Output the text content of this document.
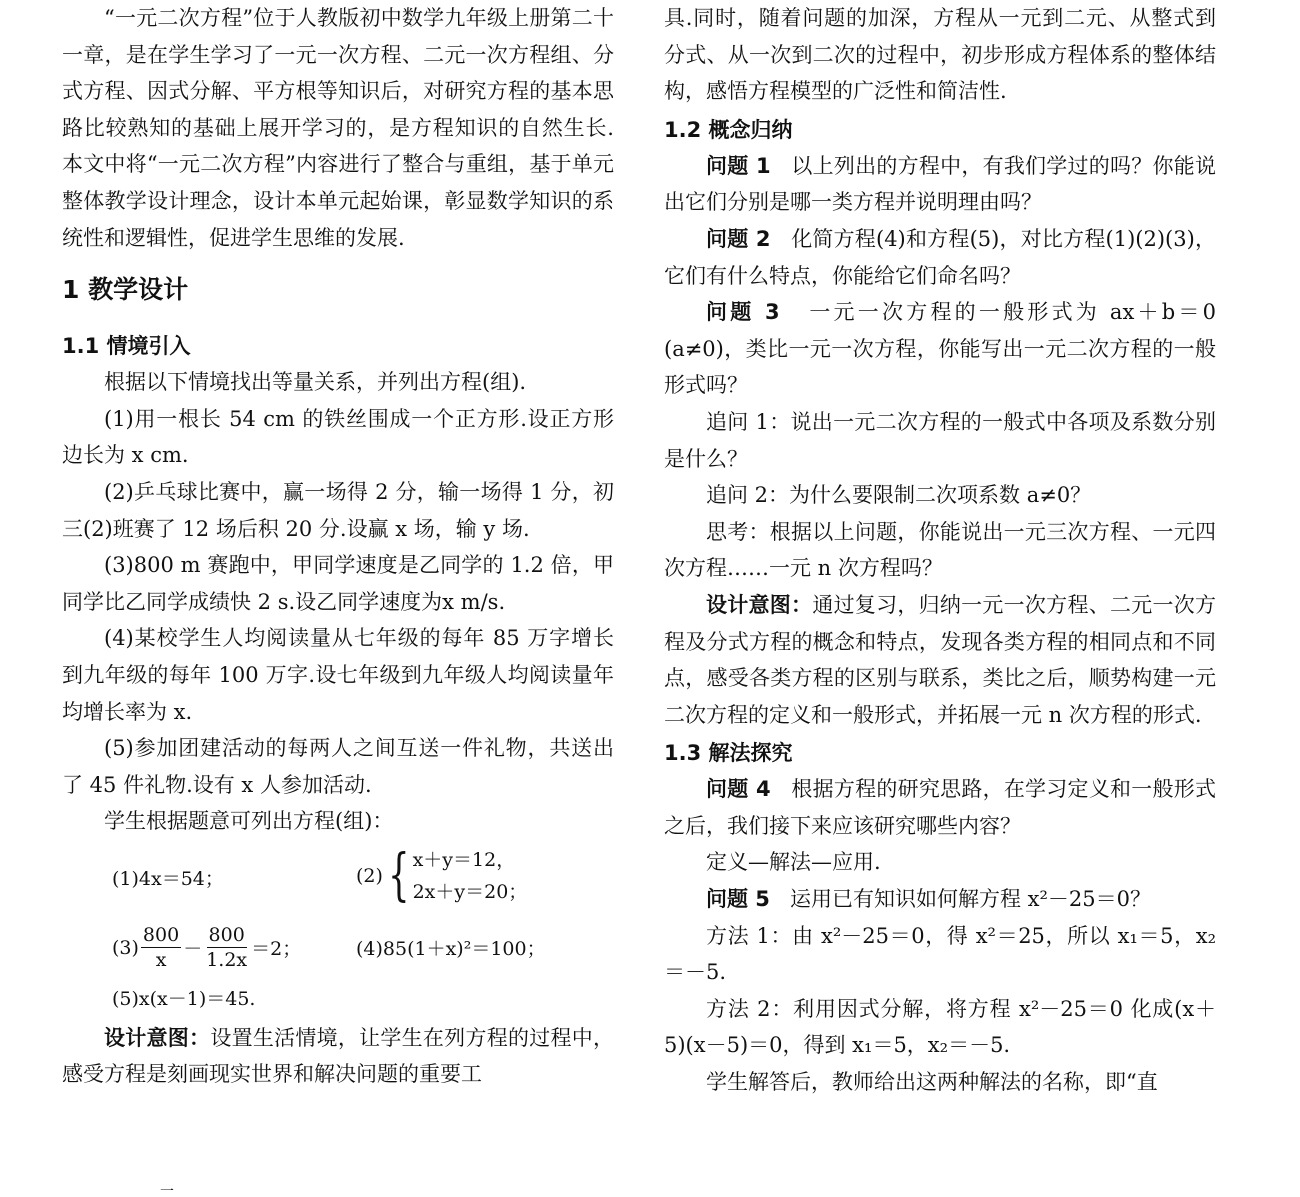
“一元二次方程”位于人教版初中数学九年级上册第二十一章，是在学生学习了一元一次方程、二元一次方程组、分式方程、因式分解、平方根等知识后，对研究方程的基本思路比较熟知的基础上展开学习的，是方程知识的自然生长.本文中将“一元二次方程”内容进行了整合与重组，基于单元整体教学设计理念，设计本单元起始课，彰显数学知识的系统性和逻辑性，促进学生思维的发展.

1 教学设计
1.1 情境引入

根据以下情境找出等量关系，并列出方程(组).

(1)用一根长 54 cm 的铁丝围成一个正方形.设正方形边长为 x cm.

(2)乒乓球比赛中，赢一场得 2 分，输一场得 1 分，初三(2)班赛了 12 场后积 20 分.设赢 x 场，输 y 场.

(3)800 m 赛跑中，甲同学速度是乙同学的 1.2 倍，甲同学比乙同学成绩快 2 s.设乙同学速度为x m/s.

(4)某校学生人均阅读量从七年级的每年 85 万字增长到九年级的每年 100 万字.设七年级到九年级人均阅读量年均增长率为 x.

(5)参加团建活动的每两人之间互送一件礼物，共送出了 45 件礼物.设有 x 人参加活动.

学生根据题意可列出方程(组)：

(1)4x＝54；	(2) { x＋y＝12，
2x＋y＝20；
$(3) \frac{800}{x} - \frac{800}{1.2x} =2$；	(4)85(1＋x)²＝100；
(5)x(x－1)＝45.

设计意图：设置生活情境，让学生在列方程的过程中，感受方程是刻画现实世界和解决问题的重要工

具.同时，随着问题的加深，方程从一元到二元、从整式到分式、从一次到二次的过程中，初步形成方程体系的整体结构，感悟方程模型的广泛性和简洁性.

1.2 概念归纳

问题 1 以上列出的方程中，有我们学过的吗？你能说出它们分别是哪一类方程并说明理由吗？

问题 2 化简方程(4)和方程(5)，对比方程(1)(2)(3)，它们有什么特点，你能给它们命名吗？

问题 3 一元一次方程的一般形式为 ax＋b＝0 (a≠0)，类比一元一次方程，你能写出一元二次方程的一般形式吗？

追问 1：说出一元二次方程的一般式中各项及系数分别是什么？

追问 2：为什么要限制二次项系数 a≠0？

思考：根据以上问题，你能说出一元三次方程、一元四次方程……一元 n 次方程吗？

设计意图：通过复习，归纳一元一次方程、二元一次方程及分式方程的概念和特点，发现各类方程的相同点和不同点，感受各类方程的区别与联系，类比之后，顺势构建一元二次方程的定义和一般形式，并拓展一元 n 次方程的形式.

1.3 解法探究

问题 4 根据方程的研究思路，在学习定义和一般形式之后，我们接下来应该研究哪些内容？

定义—解法—应用.

问题 5 运用已有知识如何解方程 x²－25＝0？

方法 1：由 x²－25＝0，得 x²＝25，所以 x₁＝5，x₂＝－5.

方法 2：利用因式分解，将方程 x²－25＝0 化成(x＋5)(x－5)＝0，得到 x₁＝5，x₂＝－5.

学生解答后，教师给出这两种解法的名称，即“直

一
